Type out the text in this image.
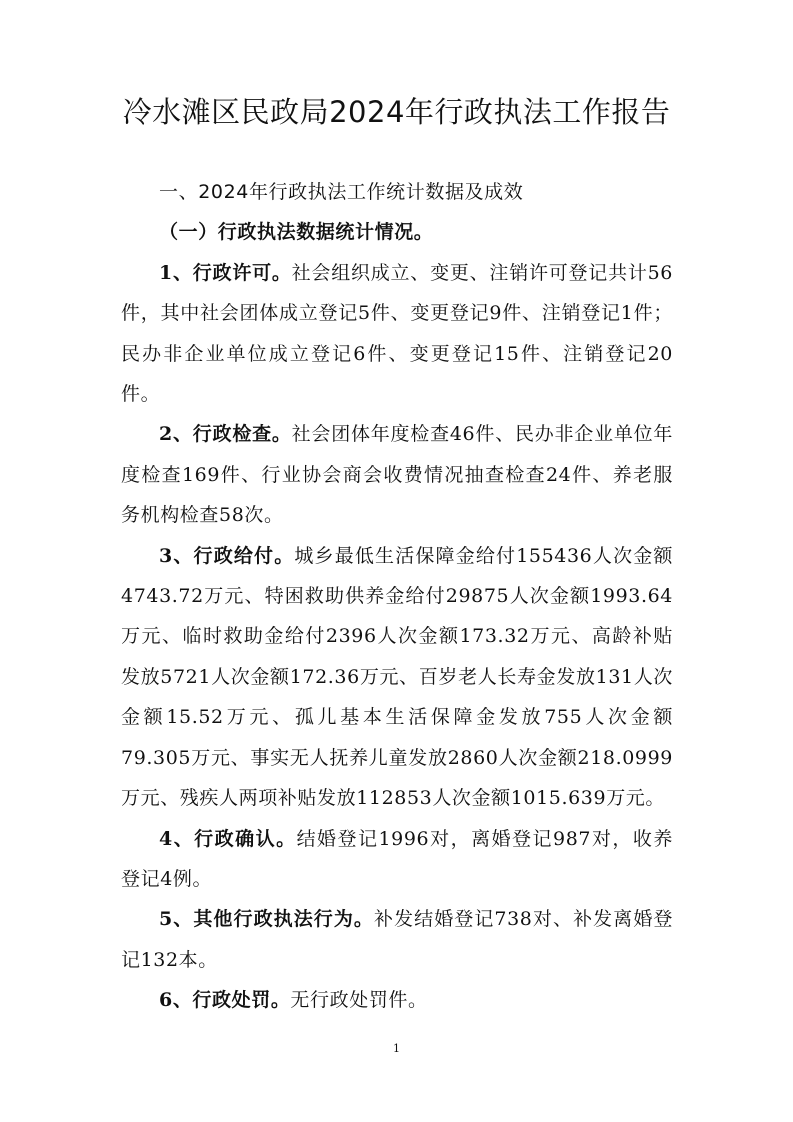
冷水滩区民政局2024年行政执法工作报告

一、2024年行政执法工作统计数据及成效

（一）行政执法数据统计情况。

1、行政许可。社会组织成立、变更、注销许可登记共计56件，其中社会团体成立登记5件、变更登记9件、注销登记1件；民办非企业单位成立登记6件、变更登记15件、注销登记20件。

2、行政检查。社会团体年度检查46件、民办非企业单位年度检查169件、行业协会商会收费情况抽查检查24件、养老服务机构检查58次。

3、行政给付。城乡最低生活保障金给付155436人次金额4743.72万元、特困救助供养金给付29875人次金额1993.64万元、临时救助金给付2396人次金额173.32万元、高龄补贴发放5721人次金额172.36万元、百岁老人长寿金发放131人次金额15.52万元、孤儿基本生活保障金发放755人次金额79.305万元、事实无人抚养儿童发放2860人次金额218.0999万元、残疾人两项补贴发放112853人次金额1015.639万元。

4、行政确认。结婚登记1996对，离婚登记987对，收养登记4例。

5、其他行政执法行为。补发结婚登记738对、补发离婚登记132本。

6、行政处罚。无行政处罚件。

1
